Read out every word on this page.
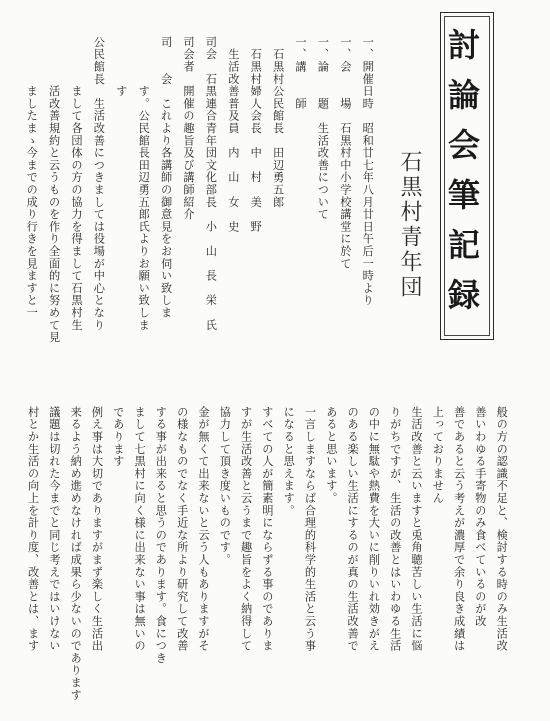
討論会筆記録
石黒村青年団
一、開催日時　昭和廿七年八月廿日午后一時より
一、会　　場　石黒村中小学校講堂に於て
一、論　　題　生活改善について
一、講　　師
　石黒村公民館長　田辺勇五郎
　石黒村婦人会長　中　村　美　野
　生活改善普及員　内　山　女　史
司会　石黒連合青年団文化部長　小　山　長　栄　氏
司会者　開催の趣旨及び講師紹介
司　　会　これより各講師の御意見をお伺い致しま
　　　　す。公民館長田辺勇五郎氏よりお願い致しま
　　　　す
公民館長　生活改善につきましては役場が中心となり
　　　　まして各団体の方の協力を得まして石黒村生
　　　　活改善規約と云うものを作り全面的に努めて見
　　　　ましたまゝ今までの成り行きを見ますと一
般の方の認識不足と、検討する時のみ生活改
善いわゆる手寄物のみ食べているのが改
善であると云う考えが濃厚で余り良き成績は
上っておりません
生活改善と云いますと兎角聴苦しい生活に悩
りがちですが、生活の改善とはいわゆる生活
の中に無駄や熱費を大いに削りいれ効きがえ
のある楽しい生活にするのが真の生活改善で
あると思います。
一言しますならば合理的科学的生活と云う事
になると思えます。
すべての人が簡素明にならずる事のでありま
すが生活改善と云うまで趣旨をよく納得して
協力して頂き度いものです。
金が無くて出来ないと云う人もありますがそ
の様なものでなく手近な所より研究して改善
する事が出来ると思うのであります。食につき
まして七黒村に向く様に出来ない事は無いの
であります
例え事は大切でありますがまず楽しく生活出
来るよう納め進めなければ成果ら少ないのであります
議題は切れた今までと同じ考えではいけない
村とか生活の向上を計り度、改善とは、ます
